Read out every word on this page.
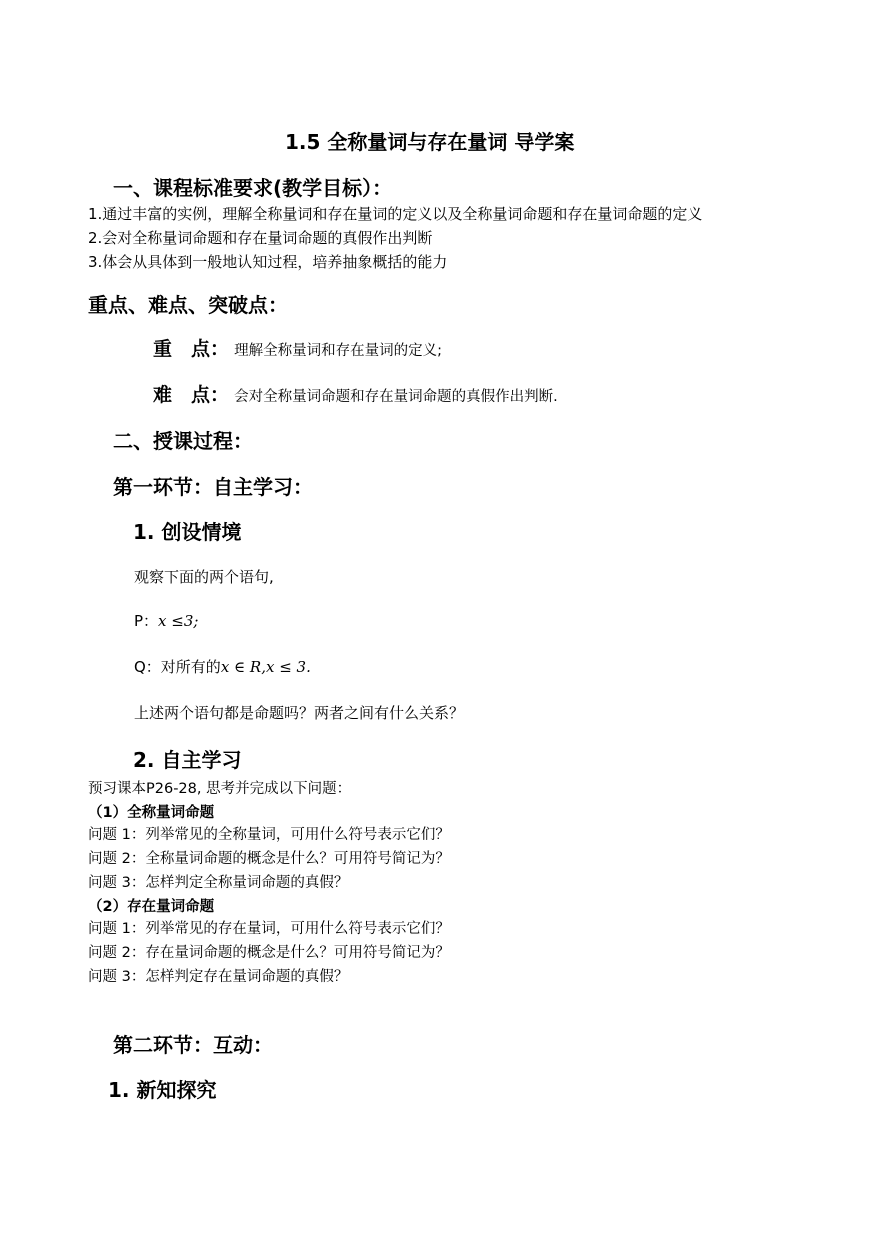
1.5 全称量词与存在量词 导学案
一、课程标准要求(教学目标）：
1.通过丰富的实例，理解全称量词和存在量词的定义以及全称量词命题和存在量词命题的定义
2.会对全称量词命题和存在量词命题的真假作出判断
3.体会从具体到一般地认知过程，培养抽象概括的能力
重点、难点、突破点：
重　点： 理解全称量词和存在量词的定义;
难　点： 会对全称量词命题和存在量词命题的真假作出判断.
二、授课过程：
第一环节：自主学习：
1. 创设情境
观察下面的两个语句,
P：x ≤3;
Q：对所有的x ∈ R,x ≤ 3.
上述两个语句都是命题吗？两者之间有什么关系？
2. 自主学习
预习课本P26-28, 思考并完成以下问题：
（1）全称量词命题
问题 1：列举常见的全称量词，可用什么符号表示它们？
问题 2：全称量词命题的概念是什么？可用符号简记为？
问题 3：怎样判定全称量词命题的真假？
（2）存在量词命题
问题 1：列举常见的存在量词，可用什么符号表示它们？
问题 2：存在量词命题的概念是什么？可用符号简记为？
问题 3：怎样判定存在量词命题的真假？
第二环节：互动：
1. 新知探究
